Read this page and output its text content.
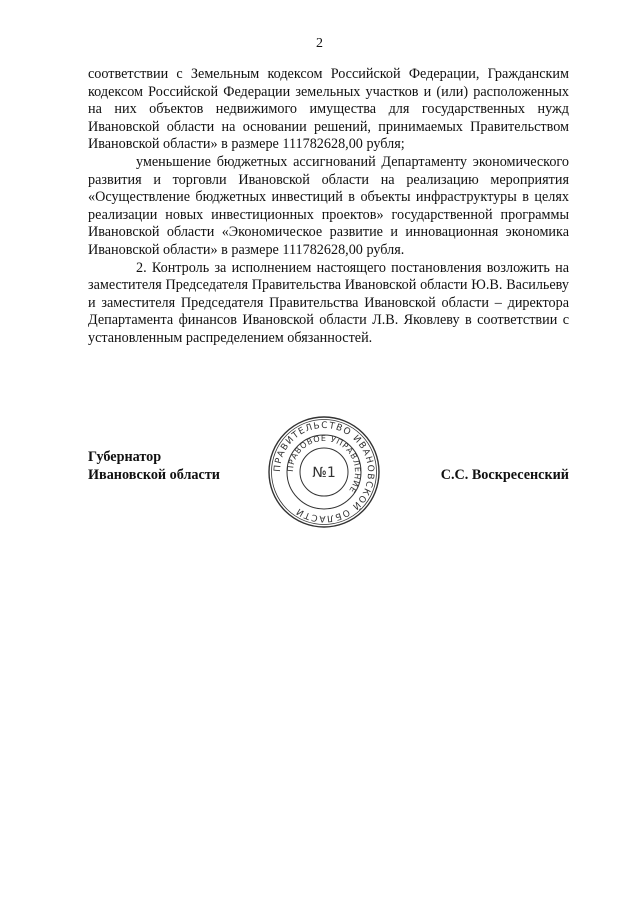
2

соответствии с Земельным кодексом Российской Федерации, Гражданским кодексом Российской Федерации земельных участков и (или) расположенных на них объектов недвижимого имущества для государственных нужд Ивановской области на основании решений, принимаемых Правительством Ивановской области» в размере 111782628,00 рубля;

уменьшение бюджетных ассигнований Департаменту экономического развития и торговли Ивановской области на реализацию мероприятия «Осуществление бюджетных инвестиций в объекты инфраструктуры в целях реализации новых инвестиционных проектов» государственной программы Ивановской области «Экономическое развитие и инновационная экономика Ивановской области» в размере 111782628,00 рубля.

2. Контроль за исполнением настоящего постановления возложить на заместителя Председателя Правительства Ивановской области Ю.В. Васильеву и заместителя Председателя Правительства Ивановской области – директора Департамента финансов Ивановской области Л.В. Яковлеву в соответствии с установленным распределением обязанностей.

Губернатор
Ивановской области	ПРАВИТЕЛЬСТВО ИВАНОВСКОЙ ОБЛАСТИ
ПРАВОВОЕ УПРАВЛЕНИЕ
№1	С.С. Воскресенский
